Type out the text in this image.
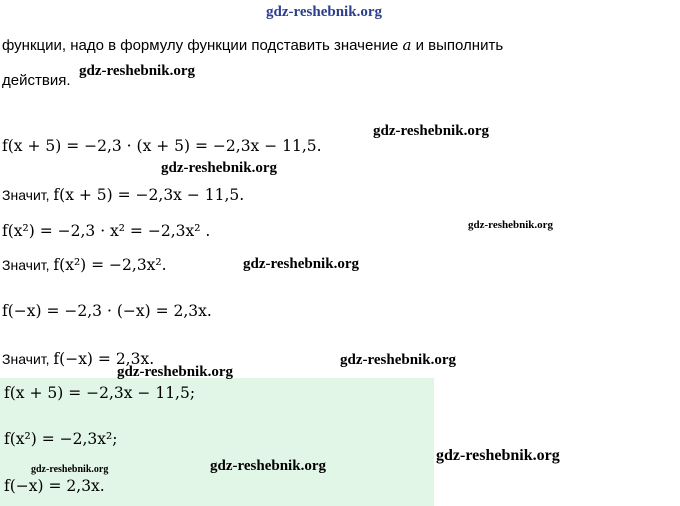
gdz-reshebnik.org
функции, надо в формулу функции подставить значение a и выполнить
действия.
f(x + 5) = −2,3 · (x + 5) = −2,3x − 11,5.
Значит, f(x + 5) = −2,3x − 11,5.
f(x²) = −2,3 · x² = −2,3x² .
Значит, f(x²) = −2,3x².
f(−x) = −2,3 · (−x) = 2,3x.
Значит, f(−x) = 2,3x.
f(x + 5) = −2,3x − 11,5;
f(x²) = −2,3x²;
f(−x) = 2,3x.
gdz-reshebnik.org
gdz-reshebnik.org
gdz-reshebnik.org
gdz-reshebnik.org
gdz-reshebnik.org
gdz-reshebnik.org
gdz-reshebnik.org
gdz-reshebnik.org
gdz-reshebnik.org
gdz-reshebnik.org
